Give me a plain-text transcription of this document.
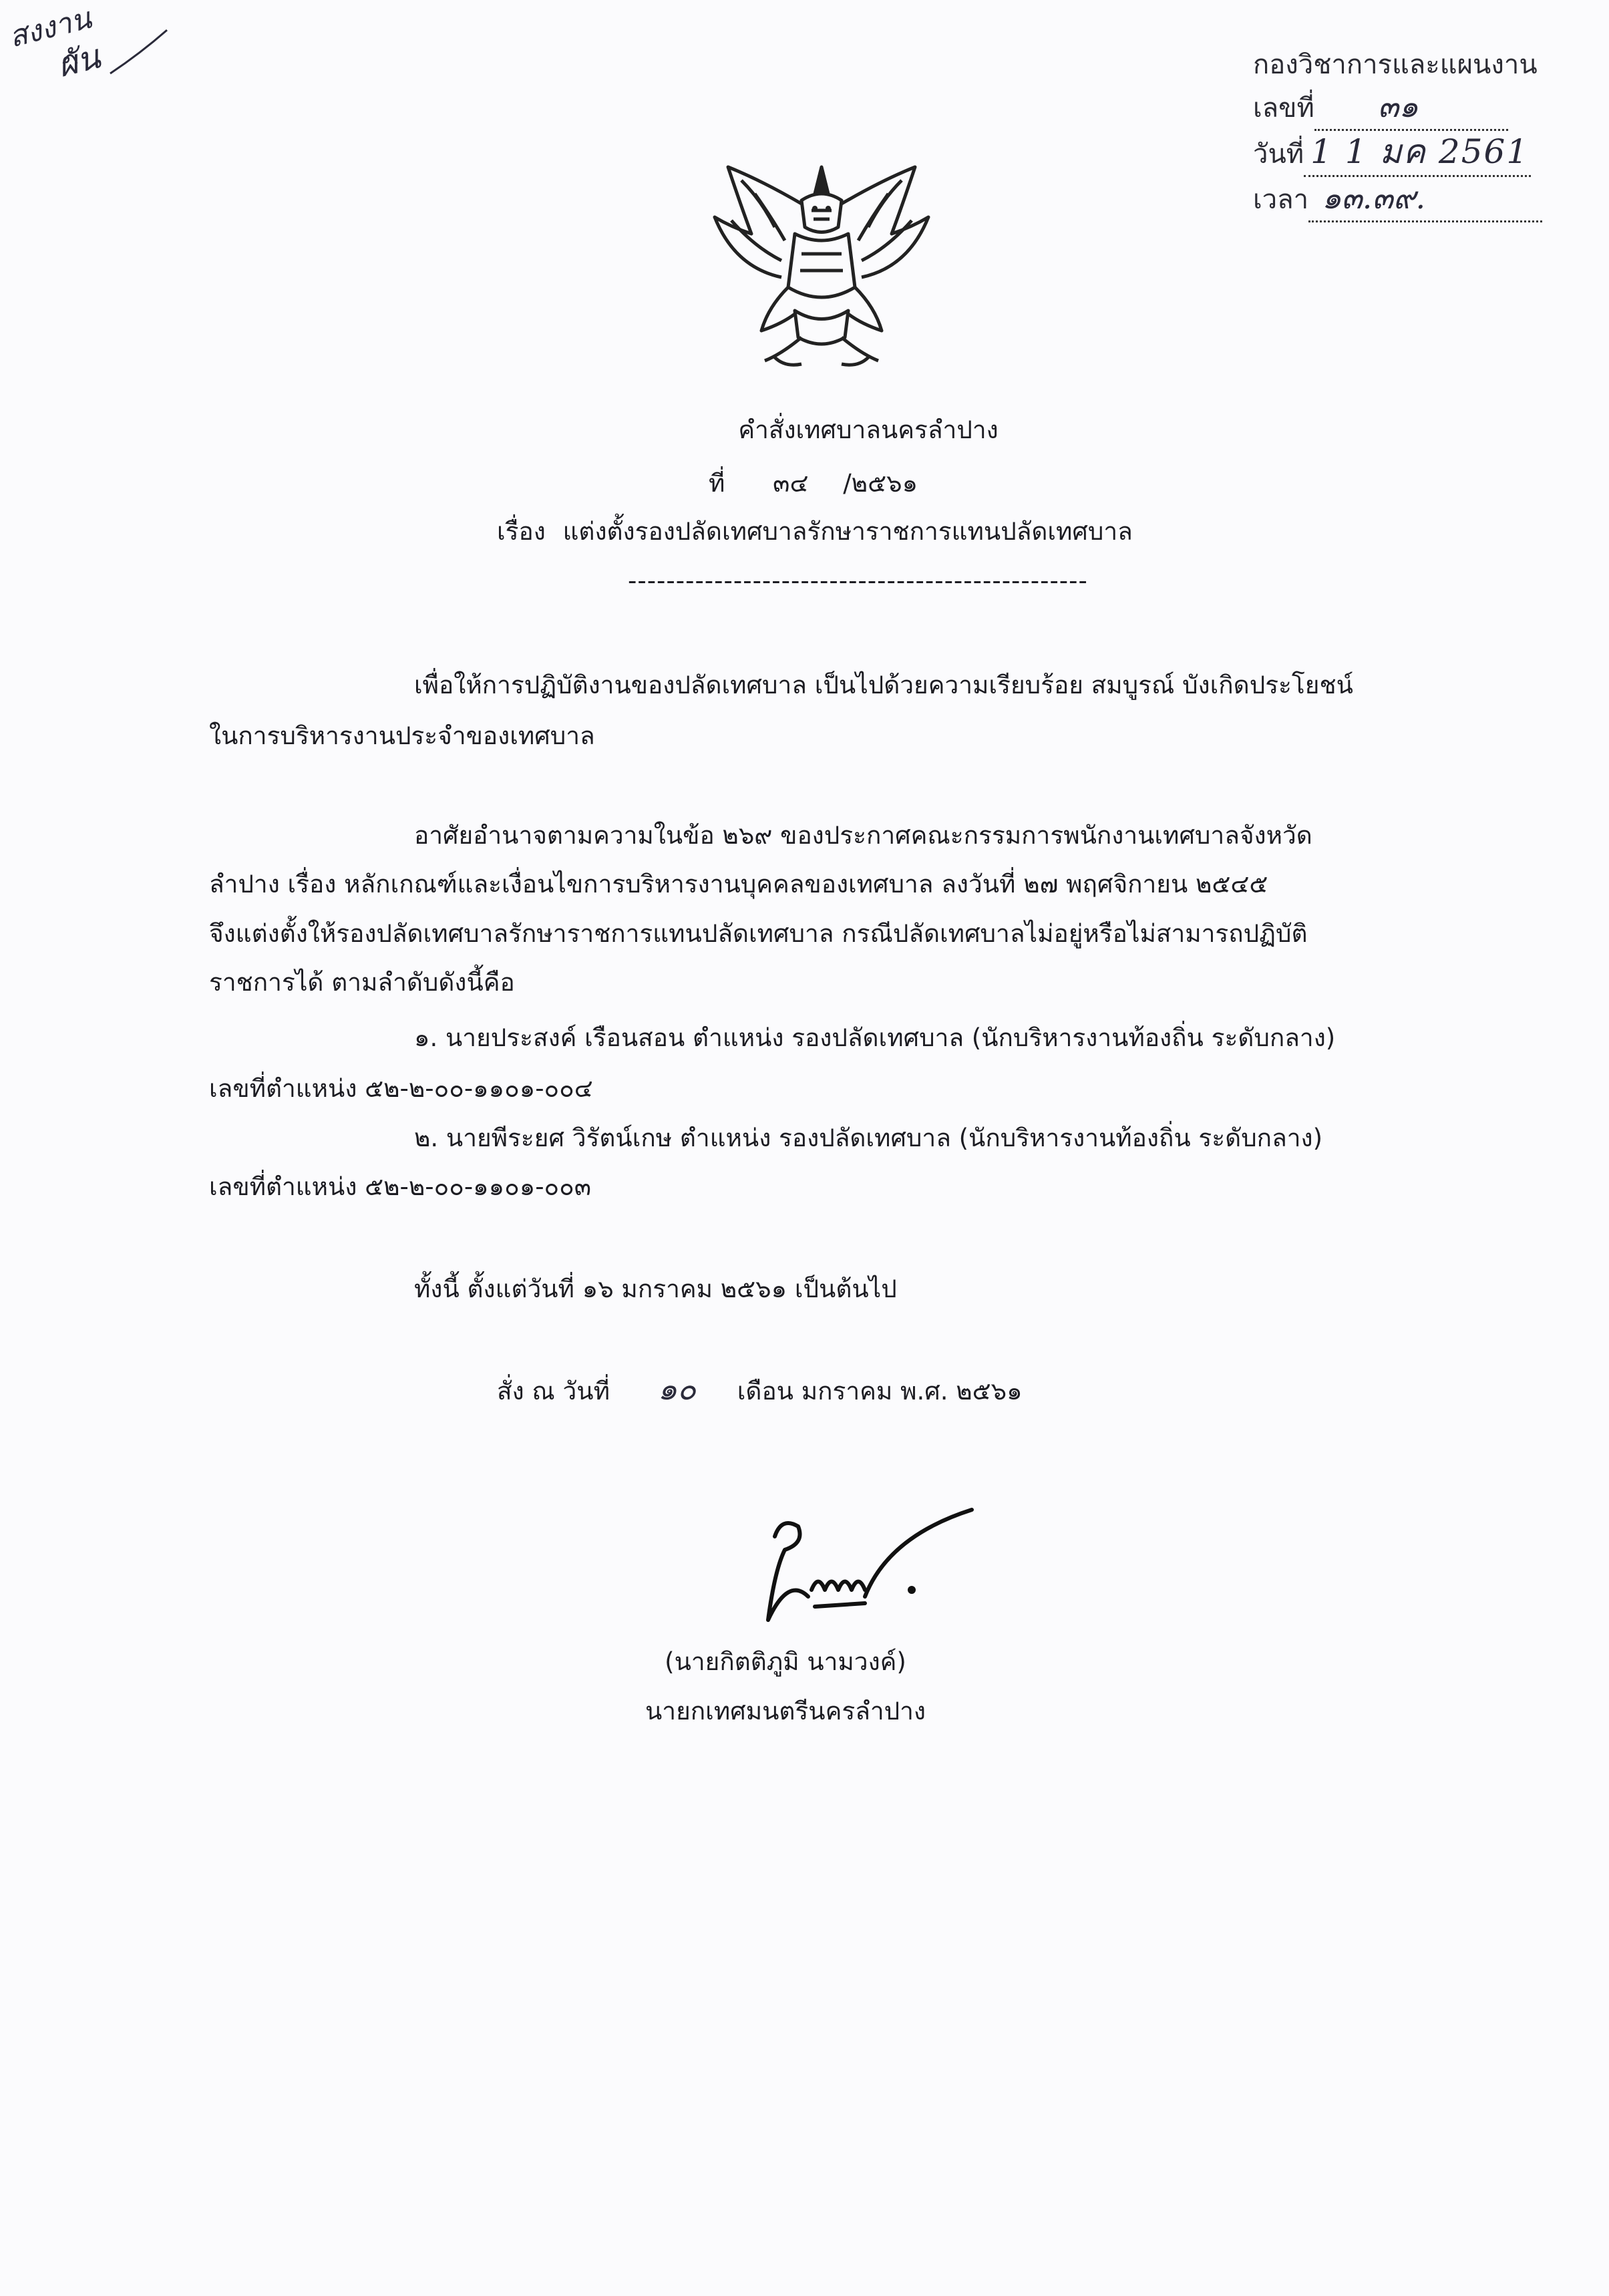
สงงาน
ผัน	กองวิชาการและแผนงาน
เลขที่ ๓๑
วันที่ 1 1 มค 2561
เวลา ๑๓.๓๙.
คำสั่งเทศบาลนครลำปาง
ที่ ๓๔ /๒๕๖๑
เรื่อง แต่งตั้งรองปลัดเทศบาลรักษาราชการแทนปลัดเทศบาล
------------------------------------------------
เพื่อให้การปฏิบัติงานของปลัดเทศบาล เป็นไปด้วยความเรียบร้อย สมบูรณ์ บังเกิดประโยชน์
ในการบริหารงานประจำของเทศบาล
อาศัยอำนาจตามความในข้อ ๒๖๙ ของประกาศคณะกรรมการพนักงานเทศบาลจังหวัด
ลำปาง เรื่อง หลักเกณฑ์และเงื่อนไขการบริหารงานบุคคลของเทศบาล ลงวันที่ ๒๗ พฤศจิกายน ๒๕๔๕
จึงแต่งตั้งให้รองปลัดเทศบาลรักษาราชการแทนปลัดเทศบาล กรณีปลัดเทศบาลไม่อยู่หรือไม่สามารถปฏิบัติ
ราชการได้ ตามลำดับดังนี้คือ
๑. นายประสงค์ เรือนสอน ตำแหน่ง รองปลัดเทศบาล (นักบริหารงานท้องถิ่น ระดับกลาง)
เลขที่ตำแหน่ง ๕๒-๒-๐๐-๑๑๐๑-๐๐๔
๒. นายพีระยศ วิรัตน์เกษ ตำแหน่ง รองปลัดเทศบาล (นักบริหารงานท้องถิ่น ระดับกลาง)
เลขที่ตำแหน่ง ๕๒-๒-๐๐-๑๑๐๑-๐๐๓
ทั้งนี้ ตั้งแต่วันที่ ๑๖ มกราคม ๒๕๖๑ เป็นต้นไป
สั่ง ณ วันที่ ๑๐ เดือน มกราคม พ.ศ. ๒๕๖๑
(นายกิตติภูมิ นามวงค์)
นายกเทศมนตรีนครลำปาง
